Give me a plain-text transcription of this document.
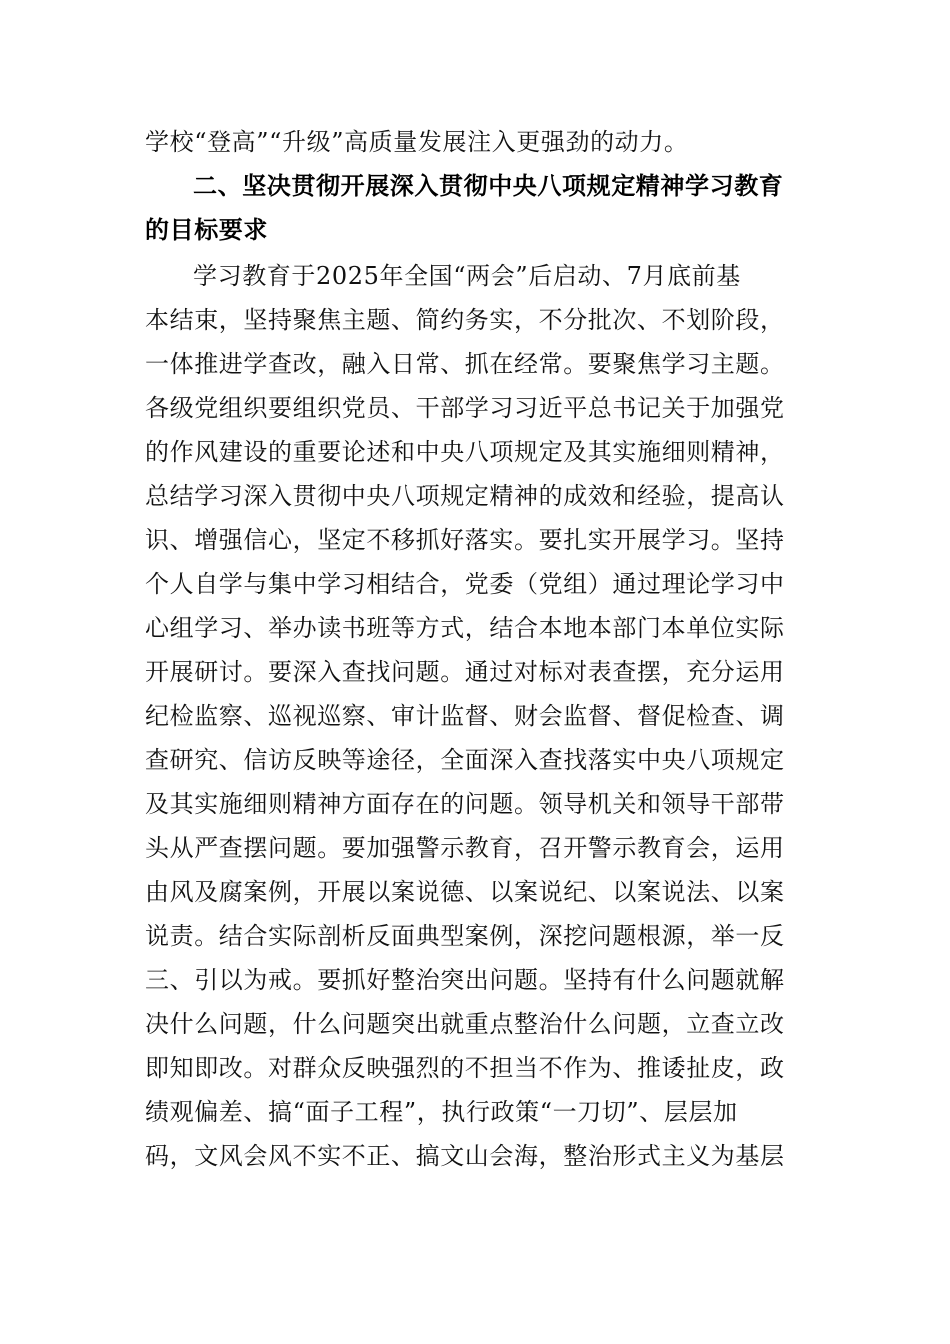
学校“登高”“升级”高质量发展注入更强劲的动力。
二、坚决贯彻开展深入贯彻中央八项规定精神学习教育
的目标要求
学习教育于2025年全国“两会”后启动、7月底前基
本结束，坚持聚焦主题、简约务实，不分批次、不划阶段，
一体推进学查改，融入日常、抓在经常。要聚焦学习主题。
各级党组织要组织党员、干部学习习近平总书记关于加强党
的作风建设的重要论述和中央八项规定及其实施细则精神，
总结学习深入贯彻中央八项规定精神的成效和经验，提高认
识、增强信心，坚定不移抓好落实。要扎实开展学习。坚持
个人自学与集中学习相结合，党委（党组）通过理论学习中
心组学习、举办读书班等方式，结合本地本部门本单位实际
开展研讨。要深入查找问题。通过对标对表查摆，充分运用
纪检监察、巡视巡察、审计监督、财会监督、督促检查、调
查研究、信访反映等途径，全面深入查找落实中央八项规定
及其实施细则精神方面存在的问题。领导机关和领导干部带
头从严查摆问题。要加强警示教育，召开警示教育会，运用
由风及腐案例，开展以案说德、以案说纪、以案说法、以案
说责。结合实际剖析反面典型案例，深挖问题根源，举一反
三、引以为戒。要抓好整治突出问题。坚持有什么问题就解
决什么问题，什么问题突出就重点整治什么问题，立查立改
即知即改。对群众反映强烈的不担当不作为、推诿扯皮，政
绩观偏差、搞“面子工程”，执行政策“一刀切”、层层加
码，文风会风不实不正、搞文山会海，整治形式主义为基层
